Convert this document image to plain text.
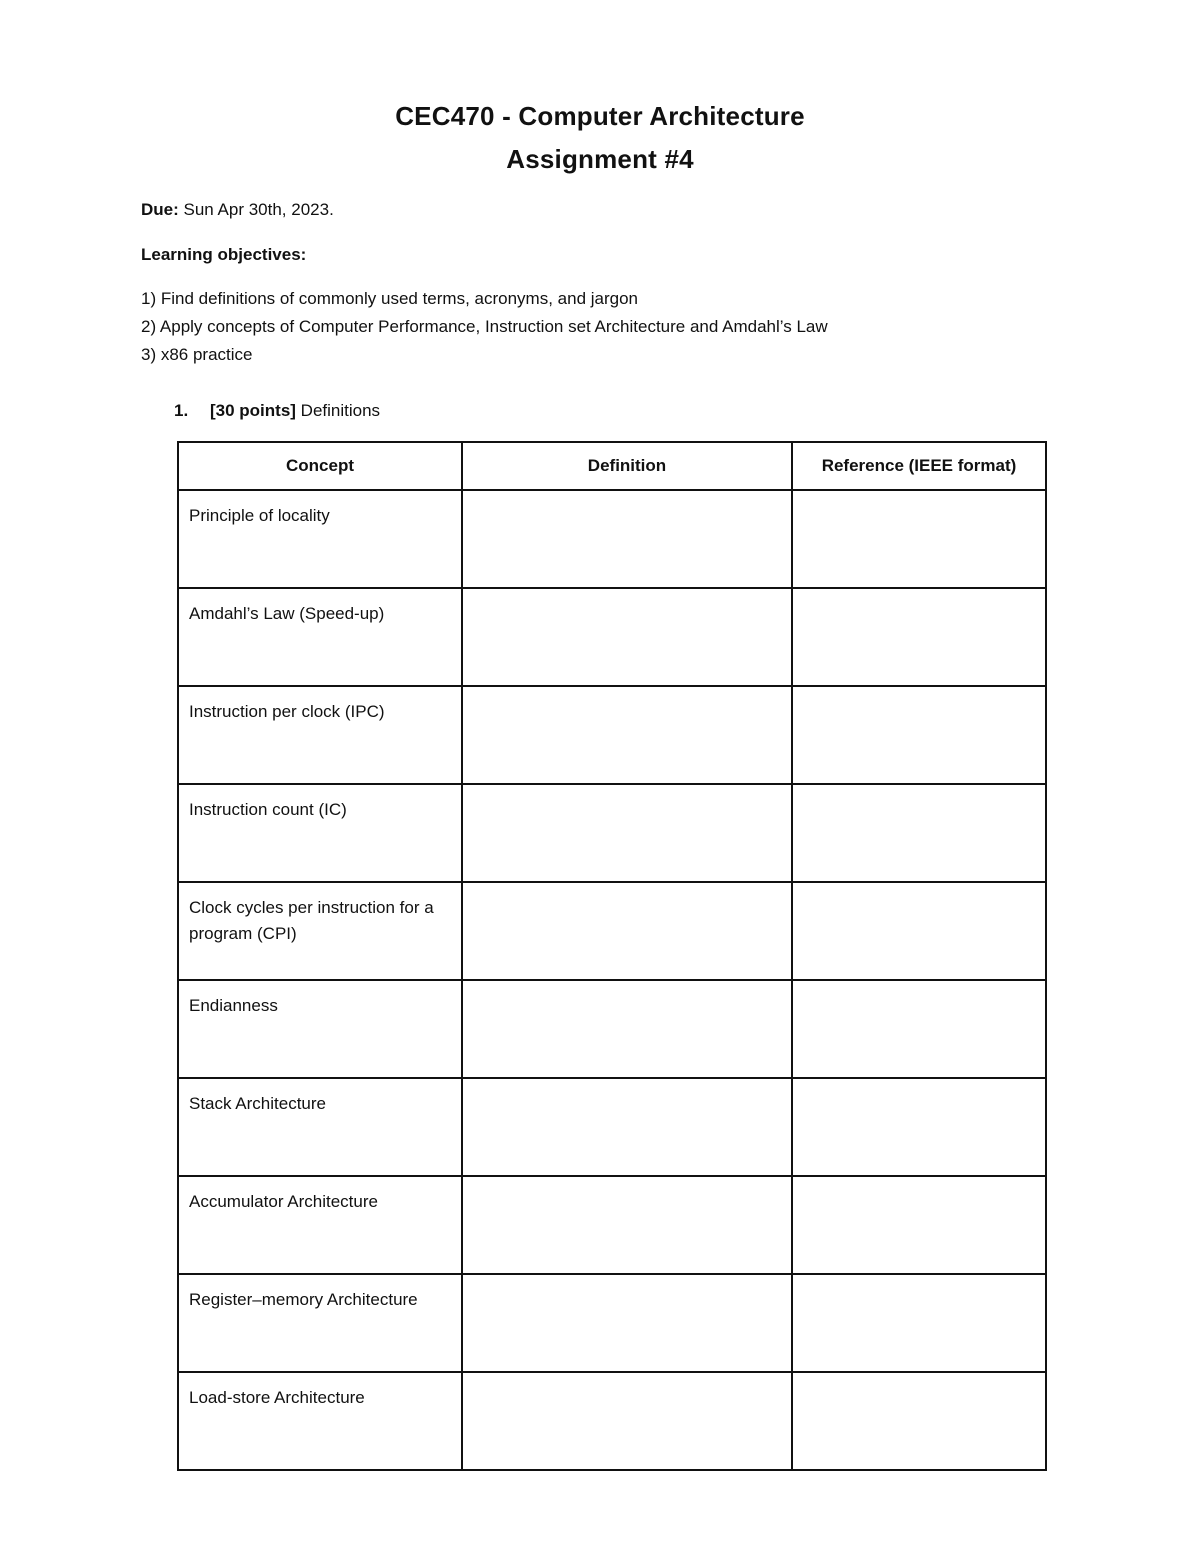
CEC470 - Computer Architecture
Assignment #4
Due: Sun Apr 30th, 2023.
Learning objectives:
1) Find definitions of commonly used terms, acronyms, and jargon
2) Apply concepts of Computer Performance, Instruction set Architecture and Amdahl’s Law
3) x86 practice
1. [30 points] Definitions
Concept	Definition	Reference (IEEE format)
Principle of locality		
Amdahl’s Law (Speed-up)		
Instruction per clock (IPC)		
Instruction count (IC)		
Clock cycles per instruction for a program (CPI)		
Endianness		
Stack Architecture		
Accumulator Architecture		
Register–memory Architecture		
Load-store Architecture		
